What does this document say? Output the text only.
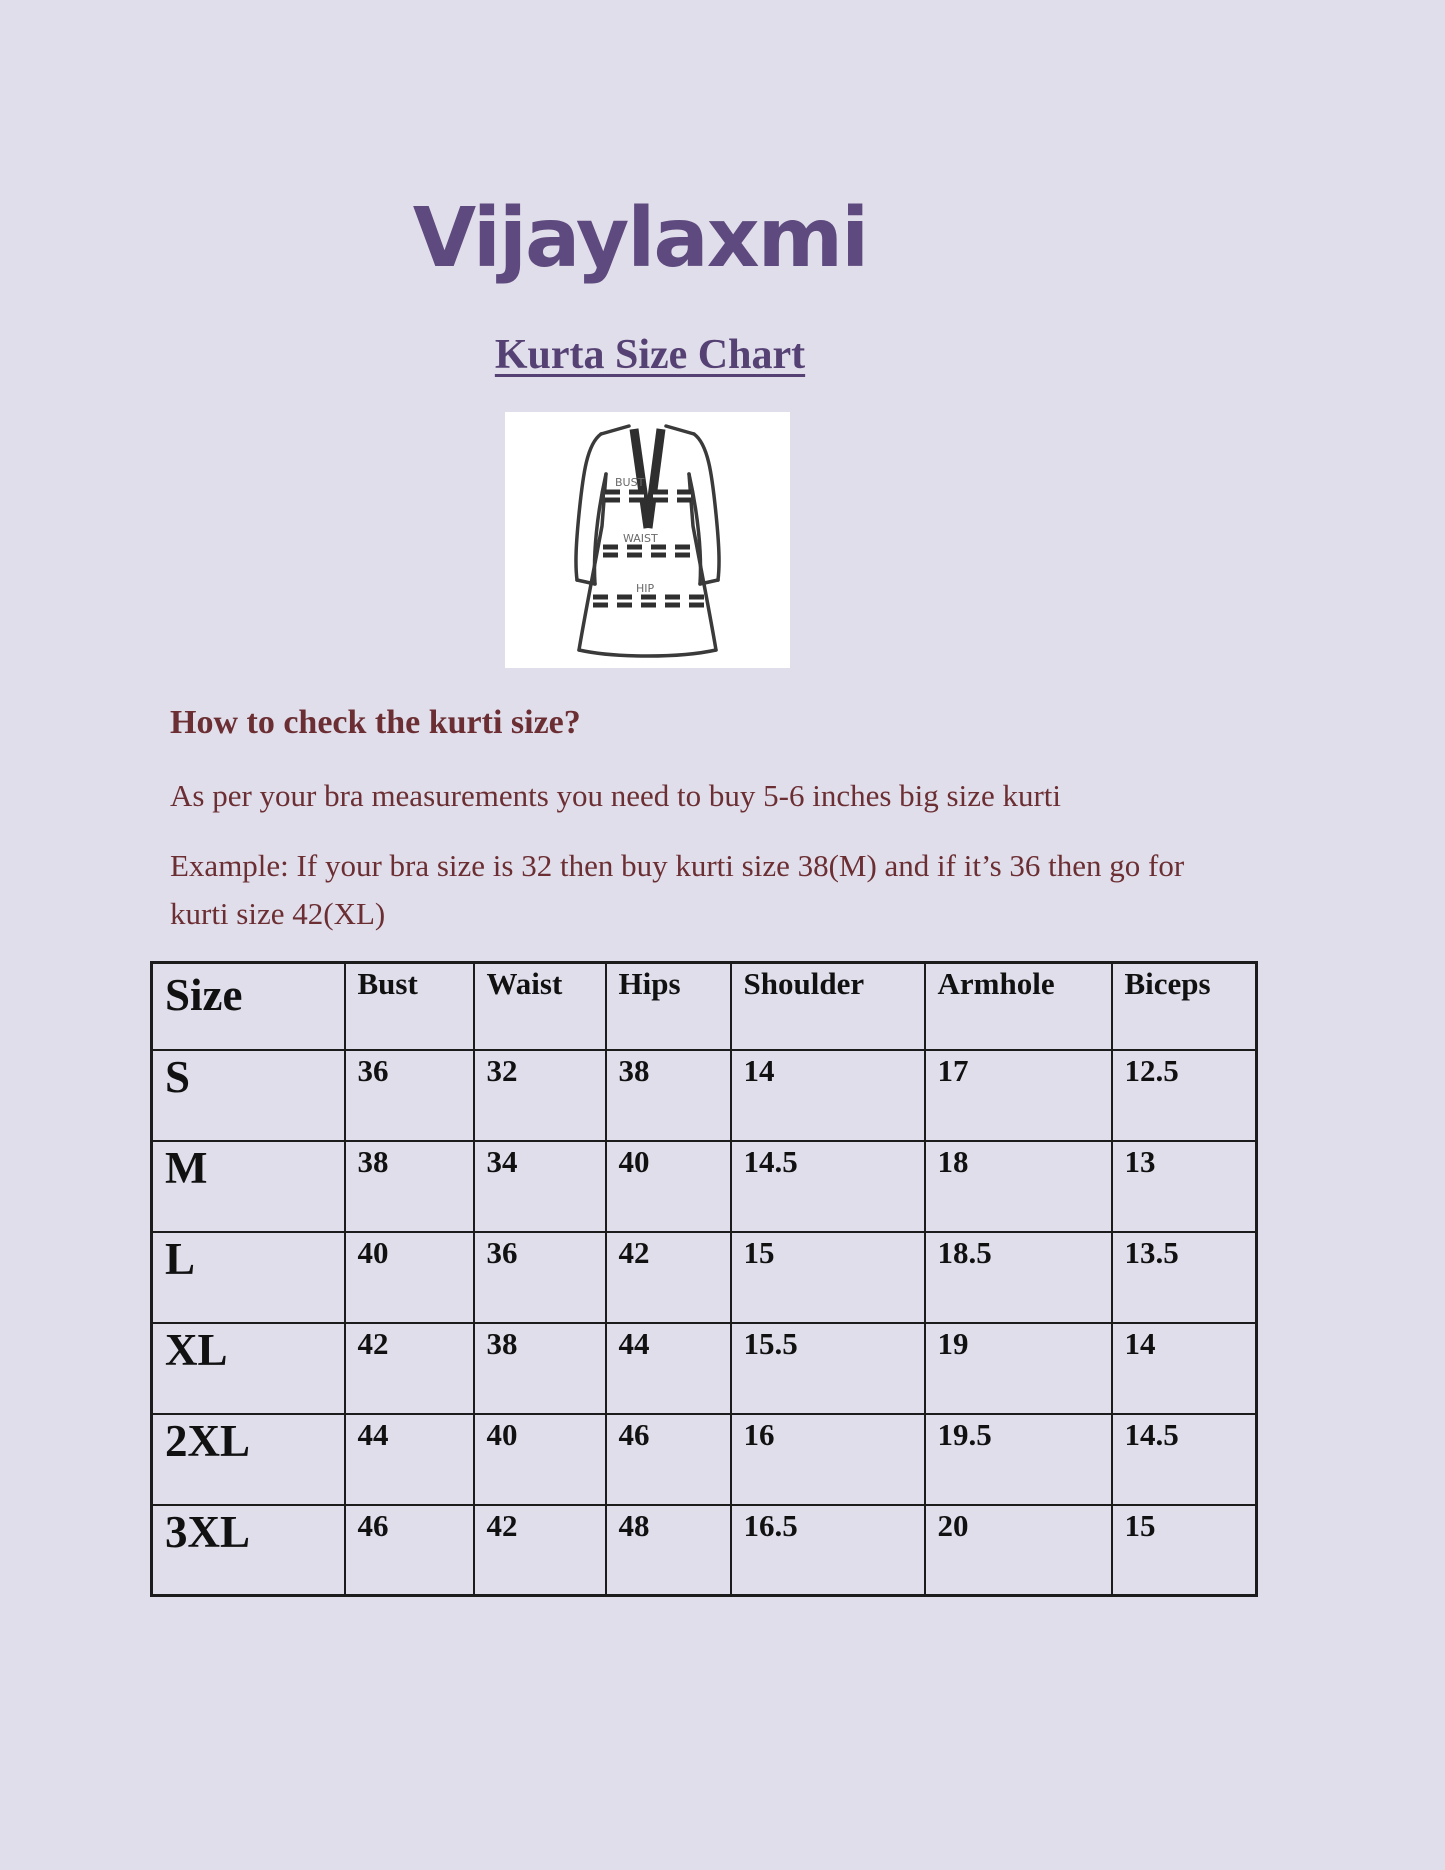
Vijaylaxmi
Kurta Size Chart
BUST
WAIST
HIP
How to check the kurti size?
As per your bra measurements you need to buy 5-6 inches big size kurti
Example: If your bra size is 32 then buy kurti size 38(M) and if it’s 36 then go for
kurti size 42(XL)
Size	Bust	Waist	Hips	Shoulder	Armhole	Biceps
S	36	32	38	14	17	12.5
M	38	34	40	14.5	18	13
L	40	36	42	15	18.5	13.5
XL	42	38	44	15.5	19	14
2XL	44	40	46	16	19.5	14.5
3XL	46	42	48	16.5	20	15
